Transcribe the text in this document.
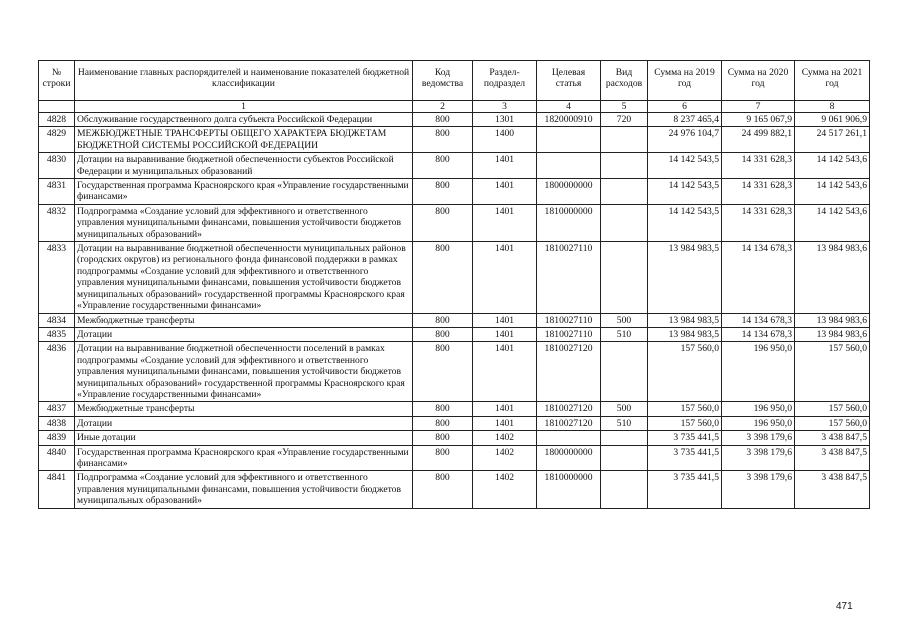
№ строки	Наименование главных распорядителей и наименование показателей бюджетной классификации	Код ведомства	Раздел-подраздел	Целевая статья	Вид расходов	Сумма на 2019 год	Сумма на 2020 год	Сумма на 2021 год
	1	2	3	4	5	6	7	8
4828	Обслуживание государственного долга субъекта Российской Федерации	800	1301	1820000910	720	8 237 465,4	9 165 067,9	9 061 906,9
4829	МЕЖБЮДЖЕТНЫЕ ТРАНСФЕРТЫ ОБЩЕГО ХАРАКТЕРА БЮДЖЕТАМ БЮДЖЕТНОЙ СИСТЕМЫ РОССИЙСКОЙ ФЕДЕРАЦИИ	800	1400			24 976 104,7	24 499 882,1	24 517 261,1
4830	Дотации на выравнивание бюджетной обеспеченности субъектов Российской Федерации и муниципальных образований	800	1401			14 142 543,5	14 331 628,3	14 142 543,6
4831	Государственная программа Красноярского края «Управление государственными финансами»	800	1401	1800000000		14 142 543,5	14 331 628,3	14 142 543,6
4832	Подпрограмма «Создание условий для эффективного и ответственного управления муниципальными финансами, повышения устойчивости бюджетов муниципальных образований»	800	1401	1810000000		14 142 543,5	14 331 628,3	14 142 543,6
4833	Дотации на выравнивание бюджетной обеспеченности муниципальных районов (городских округов) из регионального фонда финансовой поддержки в рамках подпрограммы «Создание условий для эффективного и ответственного управления муниципальными финансами, повышения устойчивости бюджетов муниципальных образований» государственной программы Красноярского края «Управление государственными финансами»	800	1401	1810027110		13 984 983,5	14 134 678,3	13 984 983,6
4834	Межбюджетные трансферты	800	1401	1810027110	500	13 984 983,5	14 134 678,3	13 984 983,6
4835	Дотации	800	1401	1810027110	510	13 984 983,5	14 134 678,3	13 984 983,6
4836	Дотации на выравнивание бюджетной обеспеченности поселений в рамках подпрограммы «Создание условий для эффективного и ответственного управления муниципальными финансами, повышения устойчивости бюджетов муниципальных образований» государственной программы Красноярского края «Управление государственными финансами»	800	1401	1810027120		157 560,0	196 950,0	157 560,0
4837	Межбюджетные трансферты	800	1401	1810027120	500	157 560,0	196 950,0	157 560,0
4838	Дотации	800	1401	1810027120	510	157 560,0	196 950,0	157 560,0
4839	Иные дотации	800	1402			3 735 441,5	3 398 179,6	3 438 847,5
4840	Государственная программа Красноярского края «Управление государственными финансами»	800	1402	1800000000		3 735 441,5	3 398 179,6	3 438 847,5
4841	Подпрограмма «Создание условий для эффективного и ответственного управления муниципальными финансами, повышения устойчивости бюджетов муниципальных образований»	800	1402	1810000000		3 735 441,5	3 398 179,6	3 438 847,5
471
